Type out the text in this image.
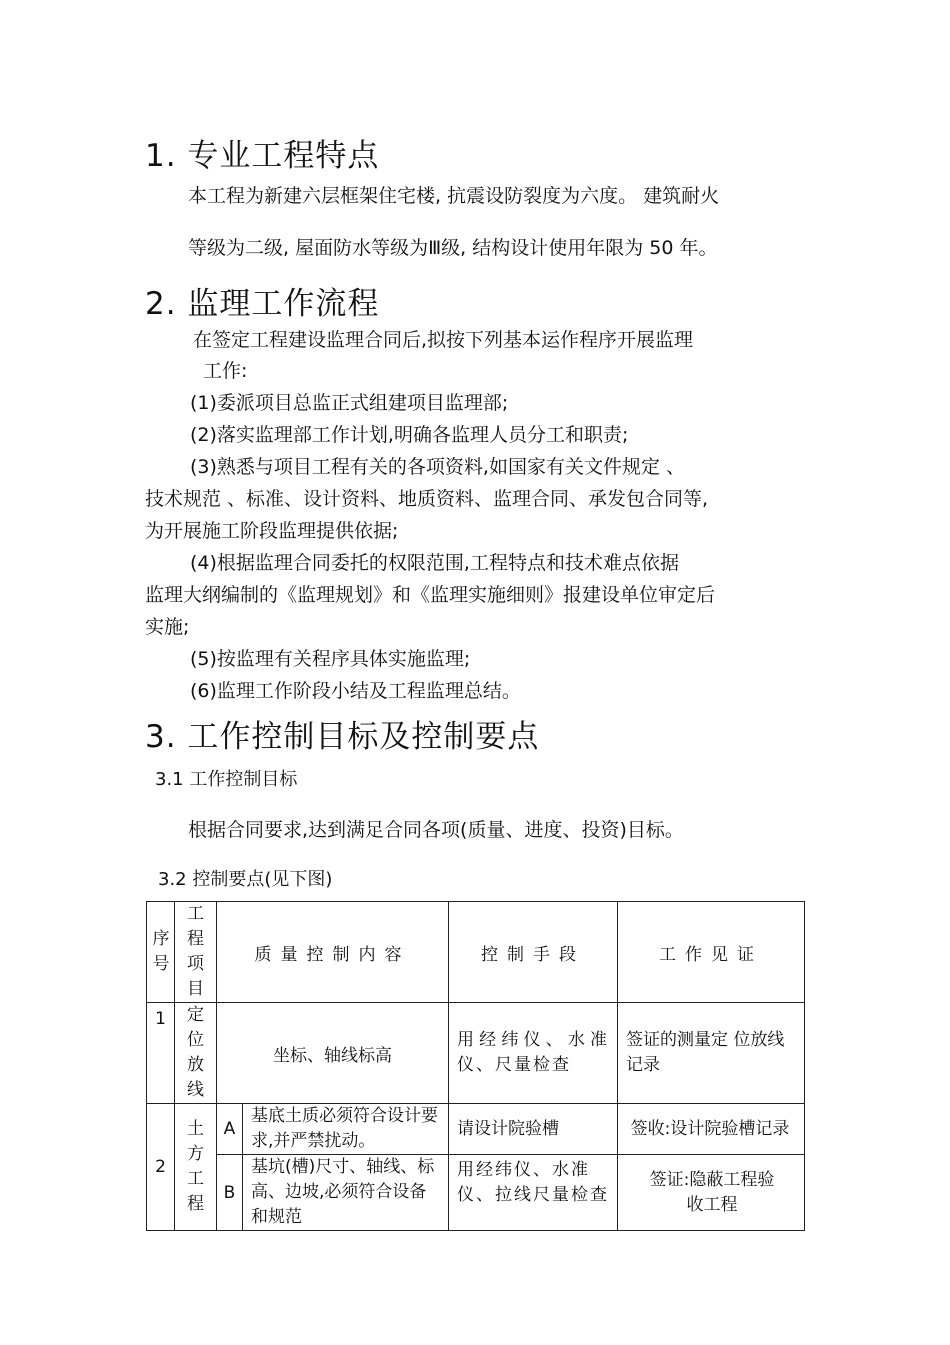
1. 专业工程特点
本工程为新建六层框架住宅楼, 抗震设防裂度为六度。 建筑耐火
等级为二级, 屋面防水等级为Ⅲ级, 结构设计使用年限为 50 年。
2. 监理工作流程
在签定工程建设监理合同后,拟按下列基本运作程序开展监理
工作:
(1)委派项目总监正式组建项目监理部;
(2)落实监理部工作计划,明确各监理人员分工和职责;
(3)熟悉与项目工程有关的各项资料,如国家有关文件规定 、
技术规范 、标准、设计资料、地质资料、监理合同、承发包合同等,
为开展施工阶段监理提供依据;
(4)根据监理合同委托的权限范围,工程特点和技术难点依据
监理大纲编制的《监理规划》和《监理实施细则》报建设单位审定后
实施;
(5)按监理有关程序具体实施监理;
(6)监理工作阶段小结及工程监理总结。
3. 工作控制目标及控制要点
3.1 工作控制目标
根据合同要求,达到满足合同各项(质量、进度、投资)目标。
3.2 控制要点(见下图)
序号	工程项目	质量控制内容		控制手段	工作见证
1	定位放线	坐标、轴线标高		用经纬仪、水准仪、尺量检查	签证的测量定 位放线记录

2	土方工程	A	基底土质必须符合设计要求,并严禁扰动。	请设计院验槽	签收:设计院验槽记录

		B	基坑(槽)尺寸、轴线、标高、边坡,必须符合设备和规范	用经纬仪、水准仪、拉线尺量检查	签证:隐蔽工程验收工程
